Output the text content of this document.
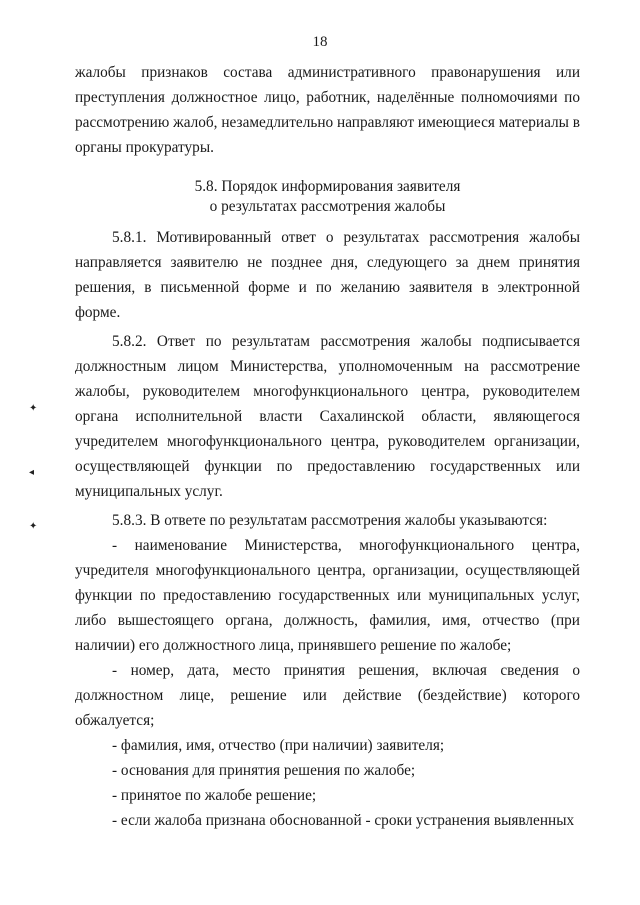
18
✦
◂
✦

жалобы признаков состава административного правонарушения или преступления должностное лицо, работник, наделённые полномочиями по рассмотрению жалоб, незамедлительно направляют имеющиеся материалы в органы прокуратуры.

5.8. Порядок информирования заявителя
о результатах рассмотрения жалобы

5.8.1. Мотивированный ответ о результатах рассмотрения жалобы направляется заявителю не позднее дня, следующего за днем принятия решения, в письменной форме и по желанию заявителя в электронной форме.

5.8.2. Ответ по результатам рассмотрения жалобы подписывается должностным лицом Министерства, уполномоченным на рассмотрение жалобы, руководителем многофункционального центра, руководителем органа исполнительной власти Сахалинской области, являющегося учредителем многофункционального центра, руководителем организации, осуществляющей функции по предоставлению государственных или муниципальных услуг.

5.8.3. В ответе по результатам рассмотрения жалобы указываются:

- наименование Министерства, многофункционального центра, учредителя многофункционального центра, организации, осуществляющей функции по предоставлению государственных или муниципальных услуг, либо вышестоящего органа, должность, фамилия, имя, отчество (при наличии) его должностного лица, принявшего решение по жалобе;

- номер, дата, место принятия решения, включая сведения о должностном лице, решение или действие (бездействие) которого обжалуется;

- фамилия, имя, отчество (при наличии) заявителя;

- основания для принятия решения по жалобе;

- принятое по жалобе решение;

- если жалоба признана обоснованной - сроки устранения выявленных
